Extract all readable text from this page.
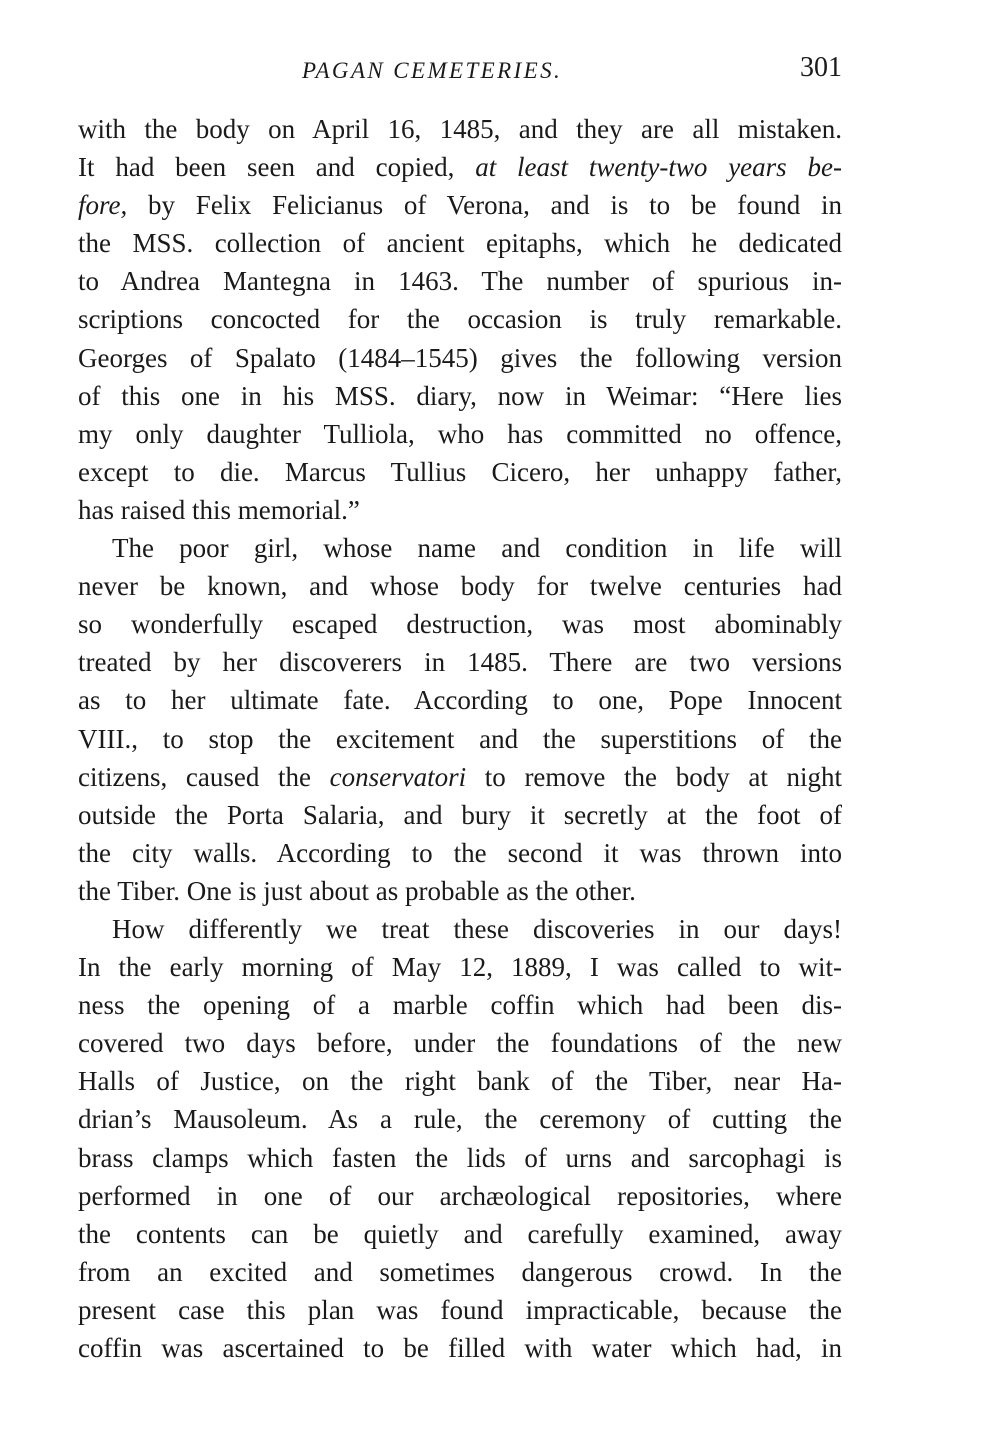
PAGAN CEMETERIES.	301
with the body on April 16, 1485, and they are all mistaken.
It had been seen and copied, at least twenty-two years be-
fore, by Felix Felicianus of Verona, and is to be found in
the MSS. collection of ancient epitaphs, which he dedicated
to Andrea Mantegna in 1463. The number of spurious in-
scriptions concocted for the occasion is truly remarkable.
Georges of Spalato (1484–1545) gives the following version
of this one in his MSS. diary, now in Weimar: “Here lies
my only daughter Tulliola, who has committed no offence,
except to die. Marcus Tullius Cicero, her unhappy father,
has raised this memorial.”
The poor girl, whose name and condition in life will
never be known, and whose body for twelve centuries had
so wonderfully escaped destruction, was most abominably
treated by her discoverers in 1485. There are two versions
as to her ultimate fate. According to one, Pope Innocent
VIII., to stop the excitement and the superstitions of the
citizens, caused the conservatori to remove the body at night
outside the Porta Salaria, and bury it secretly at the foot of
the city walls. According to the second it was thrown into
the Tiber. One is just about as probable as the other.
How differently we treat these discoveries in our days!
In the early morning of May 12, 1889, I was called to wit-
ness the opening of a marble coffin which had been dis-
covered two days before, under the foundations of the new
Halls of Justice, on the right bank of the Tiber, near Ha-
drian’s Mausoleum. As a rule, the ceremony of cutting the
brass clamps which fasten the lids of urns and sarcophagi is
performed in one of our archæological repositories, where
the contents can be quietly and carefully examined, away
from an excited and sometimes dangerous crowd. In the
present case this plan was found impracticable, because the
coffin was ascertained to be filled with water which had, in
